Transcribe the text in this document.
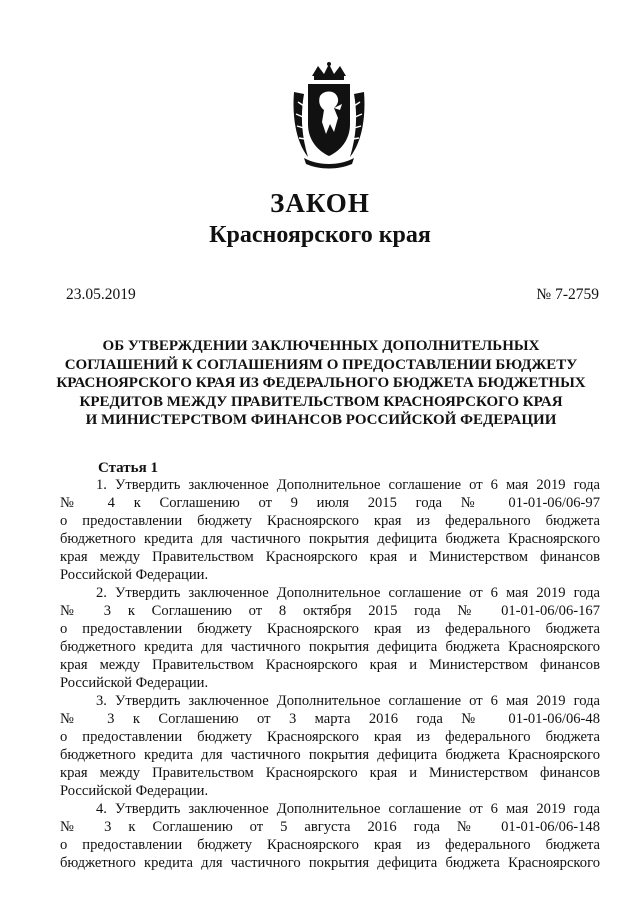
ЗАКОН
Красноярского края
23.05.2019	№ 7-2759
ОБ УТВЕРЖДЕНИИ ЗАКЛЮЧЕННЫХ ДОПОЛНИТЕЛЬНЫХ
СОГЛАШЕНИЙ К СОГЛАШЕНИЯМ О ПРЕДОСТАВЛЕНИИ БЮДЖЕТУ
КРАСНОЯРСКОГО КРАЯ ИЗ ФЕДЕРАЛЬНОГО БЮДЖЕТА БЮДЖЕТНЫХ
КРЕДИТОВ МЕЖДУ ПРАВИТЕЛЬСТВОМ КРАСНОЯРСКОГО КРАЯ
И МИНИСТЕРСТВОМ ФИНАНСОВ РОССИЙСКОЙ ФЕДЕРАЦИИ
Статья 1
1. Утвердить заключенное Дополнительное соглашение от 6 мая 2019 года
№ 4 к Соглашению от 9 июля 2015 года № 01-01-06/06-97
о предоставлении бюджету Красноярского края из федерального бюджета
бюджетного кредита для частичного покрытия дефицита бюджета Красноярского
края между Правительством Красноярского края и Министерством финансов
Российской Федерации.
2. Утвердить заключенное Дополнительное соглашение от 6 мая 2019 года
№ 3 к Соглашению от 8 октября 2015 года № 01-01-06/06-167
о предоставлении бюджету Красноярского края из федерального бюджета
бюджетного кредита для частичного покрытия дефицита бюджета Красноярского
края между Правительством Красноярского края и Министерством финансов
Российской Федерации.
3. Утвердить заключенное Дополнительное соглашение от 6 мая 2019 года
№ 3 к Соглашению от 3 марта 2016 года № 01-01-06/06-48
о предоставлении бюджету Красноярского края из федерального бюджета
бюджетного кредита для частичного покрытия дефицита бюджета Красноярского
края между Правительством Красноярского края и Министерством финансов
Российской Федерации.
4. Утвердить заключенное Дополнительное соглашение от 6 мая 2019 года
№ 3 к Соглашению от 5 августа 2016 года № 01-01-06/06-148
о предоставлении бюджету Красноярского края из федерального бюджета
бюджетного кредита для частичного покрытия дефицита бюджета Красноярского
